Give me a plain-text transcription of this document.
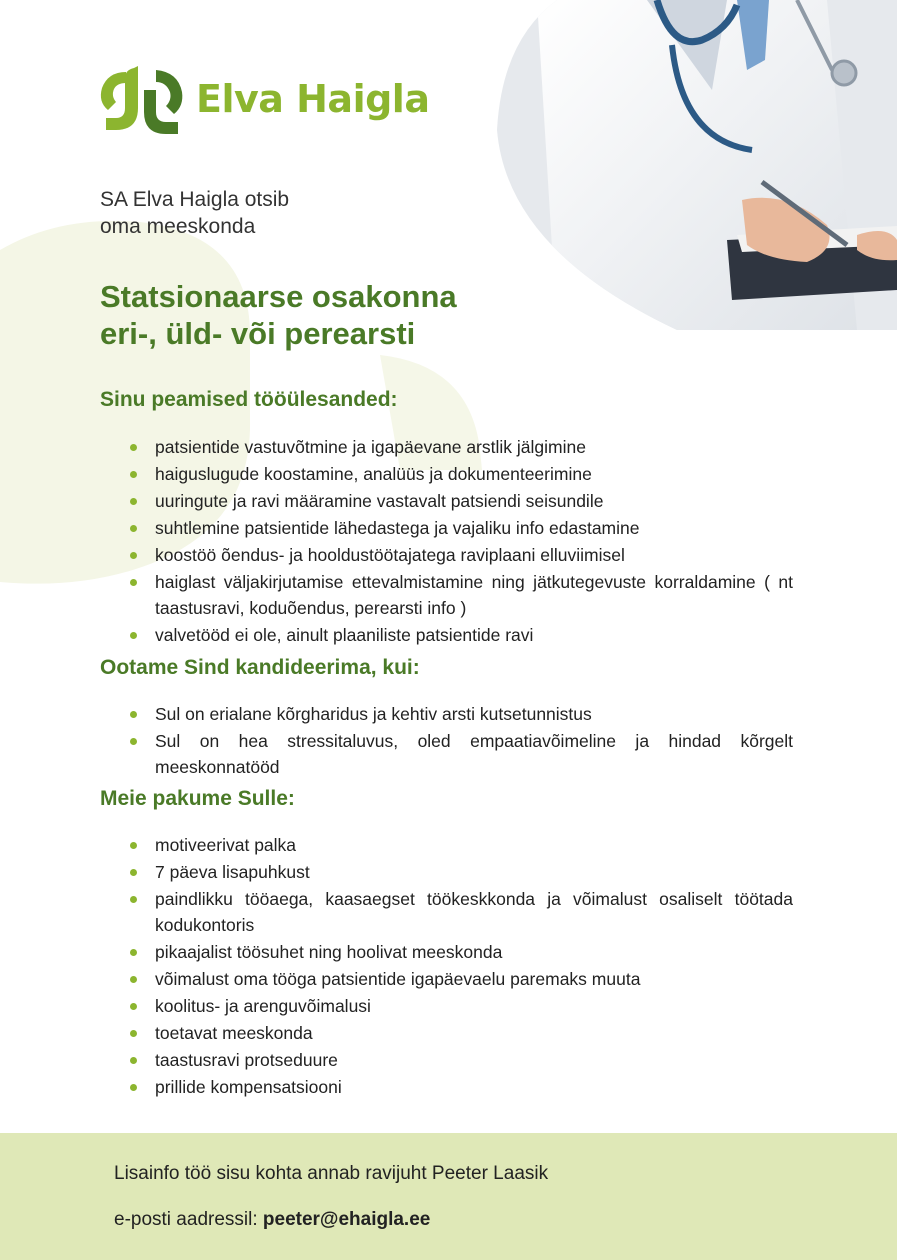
Elva Haigla
SA Elva Haigla otsib
oma meeskonda
Statsionaarse osakonna
eri-, üld- või perearsti
Sinu peamised tööülesanded:
patsientide vastuvõtmine ja igapäevane arstlik jälgimine
haiguslugude koostamine, analüüs ja dokumenteerimine
uuringute ja ravi määramine vastavalt patsiendi seisundile
suhtlemine patsientide lähedastega ja vajaliku info edastamine
koostöö õendus- ja hooldustöötajatega raviplaani elluviimisel
haiglast väljakirjutamise ettevalmistamine ning jätkutegevuste korraldamine ( nt taastusravi, koduõendus, perearsti info )
valvetööd ei ole, ainult plaaniliste patsientide ravi
Ootame Sind kandideerima, kui:
Sul on erialane kõrgharidus ja kehtiv arsti kutsetunnistus
Sul on hea stressitaluvus, oled empaatiavõimeline ja hindad kõrgelt meeskonnatööd
Meie pakume Sulle:
motiveerivat palka
7 päeva lisapuhkust
paindlikku tööaega, kaasaegset töökeskkonda ja võimalust osaliselt töötada kodukontoris
pikaajalist töösuhet ning hoolivat meeskonda
võimalust oma tööga patsientide igapäevaelu paremaks muuta
koolitus- ja arenguvõimalusi
toetavat meeskonda
taastusravi protseduure
prillide kompensatsiooni

Lisainfo töö sisu kohta annab ravijuht Peeter Laasik

e-posti aadressil: peeter@ehaigla.ee
